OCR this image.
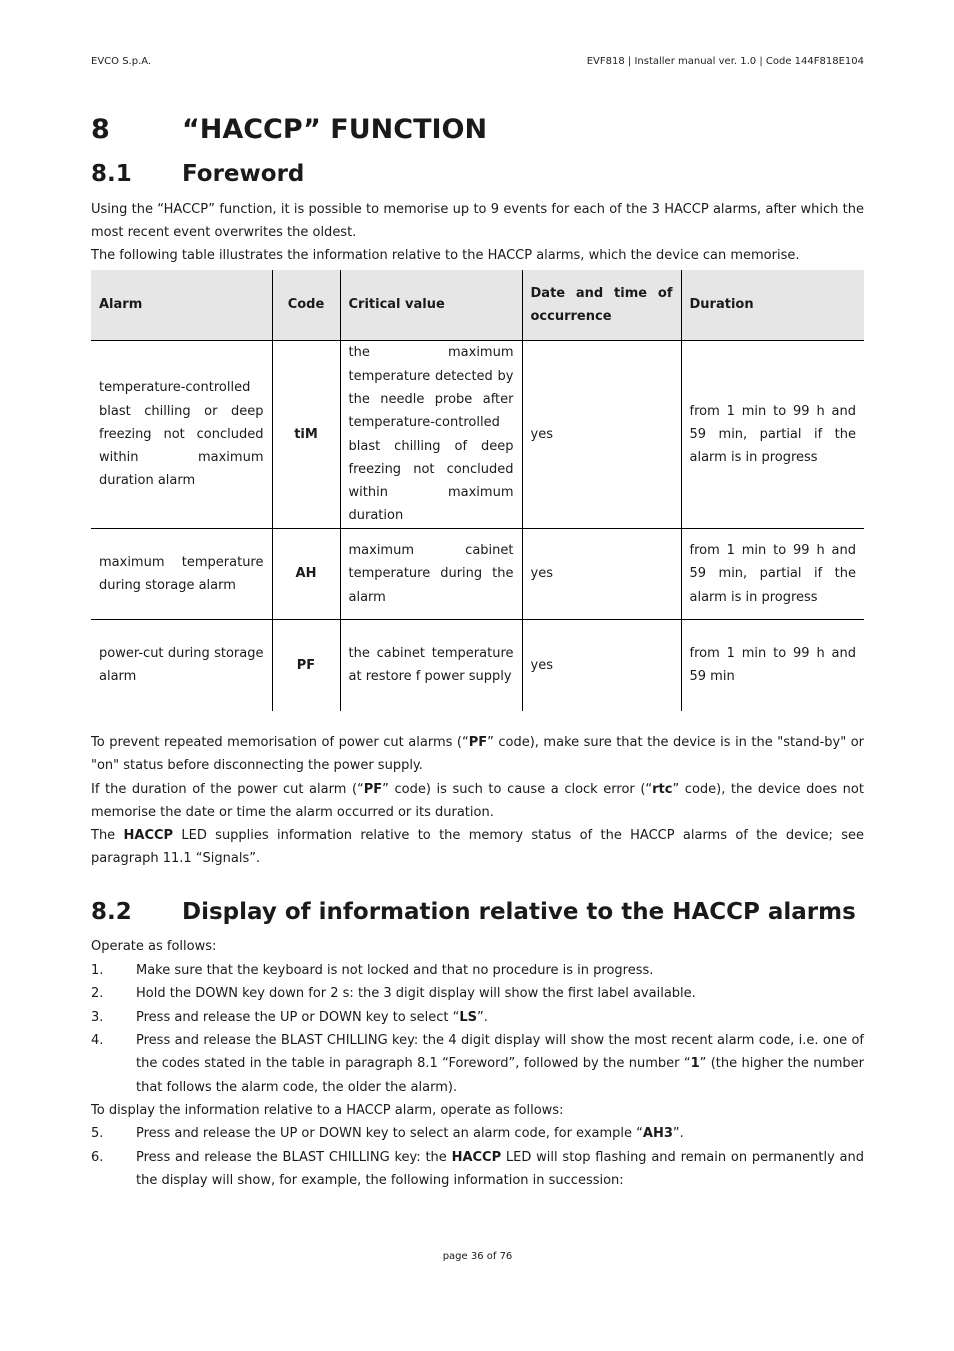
EVCO S.p.A.	EVF818 | Installer manual ver. 1.0 | Code 144F818E104
8	“HACCP” FUNCTION
8.1 Foreword

Using the “HACCP” function, it is possible to memorise up to 9 events for each of the 3 HACCP alarms, after which the most recent event overwrites the oldest.

The following table illustrates the information relative to the HACCP alarms, which the device can memorise.

Alarm	Code	Critical value	Date and time of occurrence	Duration
temperature-controlled blast chilling or deep freezing not concluded within maximum duration alarm	tiM	the maximum temperature detected by the needle probe after temperature-controlled blast chilling of deep freezing not concluded within maximum duration	yes	from 1 min to 99 h and 59 min, partial if the alarm is in progress
maximum temperature during storage alarm	AH	maximum cabinet temperature during the alarm	yes	from 1 min to 99 h and 59 min, partial if the alarm is in progress
power-cut during storage alarm	PF	the cabinet temperature at restore f power supply	yes	from 1 min to 99 h and 59 min

To prevent repeated memorisation of power cut alarms (“PF” code), make sure that the device is in the "stand-by" or "on" status before disconnecting the power supply.

If the duration of the power cut alarm (“PF” code) is such to cause a clock error (“rtc” code), the device does not memorise the date or time the alarm occurred or its duration.

The HACCP LED supplies information relative to the memory status of the HACCP alarms of the device; see paragraph 11.1 “Signals”.

8.2 Display of information relative to the HACCP alarms

Operate as follows:

1.	Make sure that the keyboard is not locked and that no procedure is in progress.
2.	Hold the DOWN key down for 2 s: the 3 digit display will show the first label available.
3.	Press and release the UP or DOWN key to select “LS”.
4.	Press and release the BLAST CHILLING key: the 4 digit display will show the most recent alarm code, i.e. one of the codes stated in the table in paragraph 8.1 “Foreword”, followed by the number “1” (the higher the number that follows the alarm code, the older the alarm).

To display the information relative to a HACCP alarm, operate as follows:

5.	Press and release the UP or DOWN key to select an alarm code, for example “AH3”.
6.	Press and release the BLAST CHILLING key: the HACCP LED will stop flashing and remain on permanently and the display will show, for example, the following information in succession:
page 36 of 76
